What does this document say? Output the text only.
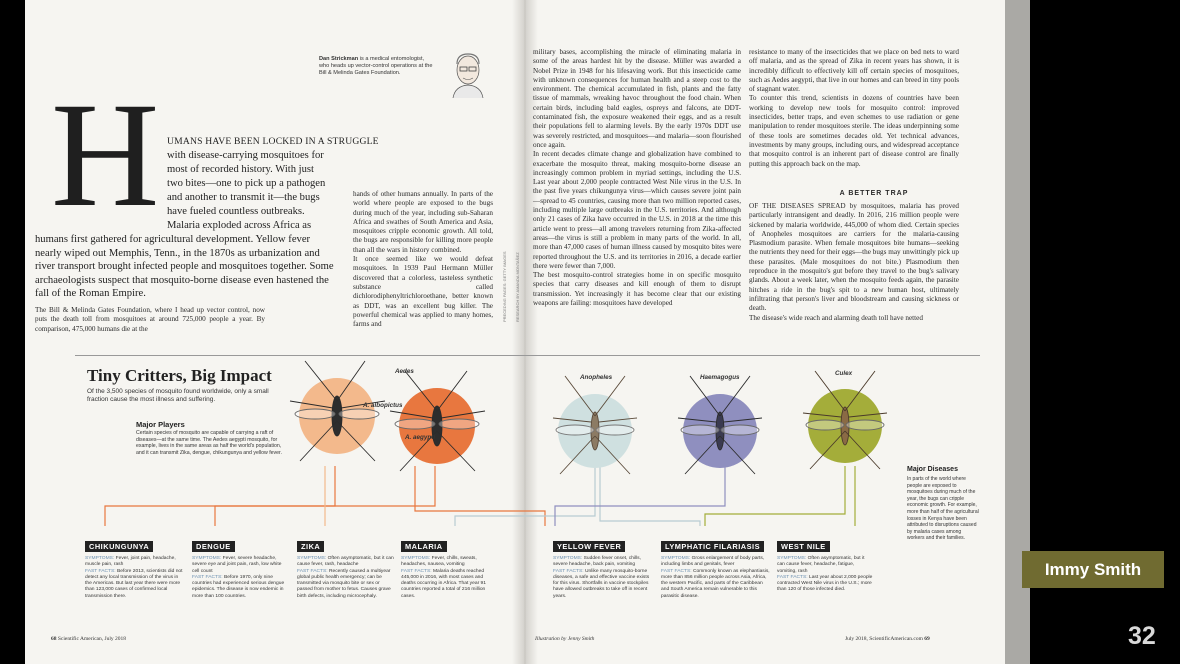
Dan Strickman is a medical entomologist, who heads up vector-control operations at the Bill & Melinda Gates Foundation.
H UMANS HAVE BEEN LOCKED IN A STRUGGLE
with disease-carrying mosquitoes for
most of recorded history. With just
two bites—one to pick up a pathogen
and another to transmit it—the bugs
have fueled countless outbreaks.
Malaria exploded across Africa as
humans first gathered for agricultural development. Yellow fever nearly wiped out Memphis, Tenn., in the 1870s as urbanization and river transport brought infected people and mosquitoes together. Some archaeologists suspect that mosquito-borne disease even hastened the fall of the Roman Empire.
The Bill & Melinda Gates Foundation, where I head up vector control, now puts the death toll from mosquitoes at around 725,000 people a year. By comparison, 475,000 humans die at the
hands of other humans annually. In parts of the world where people are exposed to the bugs during much of the year, including sub-Saharan Africa and swathes of South America and Asia, mosquitoes cripple economic growth. All told, the bugs are responsible for killing more people than all the wars in history combined.
It once seemed like we would defeat mosquitoes. In 1939 Paul Hermann Müller discovered that a colorless, tasteless synthetic substance called dichlorodiphenyltrichloroethane, better known as DDT, was an excellent bug killer. The powerful chemical was applied to many homes, farms and
military bases, accomplishing the miracle of eliminating malaria in some of the areas hardest hit by the disease. Müller was awarded a Nobel Prize in 1948 for his lifesaving work. But this insecticide came with unknown consequences for human health and a steep cost to the environment. The chemical accumulated in fish, plants and the fatty tissue of mammals, wreaking havoc throughout the food chain. When certain birds, including bald eagles, ospreys and falcons, ate DDT-contaminated fish, the exposure weakened their eggs, and as a result their populations fell to alarming levels. By the early 1970s DDT use was severely restricted, and mosquitoes—and malaria—soon flourished once again.
In recent decades climate change and globalization have combined to exacerbate the mosquito threat, making mosquito-borne disease an increasingly common problem in myriad settings, including the U.S. Last year about 2,000 people contracted West Nile virus in the U.S. In the past five years chikungunya virus—which causes severe joint pain—spread to 45 countries, causing more than two million reported cases, including multiple large outbreaks in the U.S. territories. And although only 21 cases of Zika have occurred in the U.S. in 2018 at the time this article went to press—all among travelers returning from Zika-affected areas—the virus is still a problem in many parts of the world. In all, more than 47,000 cases of human illness caused by mosquito bites were reported throughout the U.S. and its territories in 2016, a decade earlier there were fewer than 7,000.
The best mosquito-control strategies home in on specific mosquito species that carry diseases and kill enough of them to disrupt transmission. Yet increasingly it has become clear that our existing weapons are failing: mosquitoes have developed
resistance to many of the insecticides that we place on bed nets to ward off malaria, and as the spread of Zika in recent years has shown, it is incredibly difficult to effectively kill off certain species of mosquitoes, such as Aedes aegypti, that live in our homes and can breed in tiny pools of stagnant water.
To counter this trend, scientists in dozens of countries have been working to develop new tools for mosquito control: improved insecticides, better traps, and even schemes to use radiation or gene manipulation to render mosquitoes sterile. The ideas underpinning some of these tools are sometimes decades old. Yet technical advances, investments by many groups, including ours, and widespread acceptance that mosquito control is an inherent part of disease control are finally putting this approach back on the map.
A BETTER TRAP
OF THE DISEASES SPREAD by mosquitoes, malaria has proved particularly intransigent and deadly. In 2016, 216 million people were sickened by malaria worldwide, 445,000 of whom died. Certain species of Anopheles mosquitoes are carriers for the malaria-causing Plasmodium parasite. When female mosquitoes bite humans—seeking the nutrients they need for their eggs—the bugs may unwittingly pick up these parasites. (Male mosquitoes do not bite.) Plasmodium then reproduce in the mosquito's gut before they travel to the bug's salivary glands. About a week later, when the mosquito feeds again, the parasite hitches a ride in the bug's spit to a new human host, ultimately infiltrating that person's liver and bloodstream and causing sickness or death.
The disease's wide reach and alarming death toll have netted
PRECEDING PAGES: GETTY IMAGES RESEARCH BY AMANDA MONTAÑEZ
Tiny Critters, Big Impact
Of the 3,500 species of mosquito found worldwide, only a small fraction cause the most illness and suffering.
Major Players
Certain species of mosquito are capable of carrying a raft of diseases—at the same time. The Aedes aegypti mosquito, for example, lives in the same areas as half the world's population, and it can transmit Zika, dengue, chikungunya and yellow fever.
Major Diseases
In parts of the world where people are exposed to mosquitoes during much of the year, the bugs can cripple economic growth. For example, more than half of the agricultural losses in Kenya have been attributed to disruptions caused by malaria cases among workers and their families.
Aedes
A. albopictus
A. aegypti
Anopheles	Haemagogus
Culex
CHIKUNGUNYA
SYMPTOMS: Fever, joint pain, headache, muscle pain, rash
FAST FACTS: Before 2013, scientists did not detect any local transmission of the virus in the Americas. But last year there were more than 123,000 cases of confirmed local transmission there.
DENGUE
SYMPTOMS: Fever, severe headache, severe eye and joint pain, rash, low white cell count
FAST FACTS: Before 1970, only nine countries had experienced serious dengue epidemics. The disease is now endemic in more than 100 countries.
ZIKA
SYMPTOMS: Often asymptomatic, but it can cause fever, rash, headache
FAST FACTS: Recently caused a multiyear global public health emergency; can be transmitted via mosquito bite or sex or passed from mother to fetus. Causes grave birth defects, including microcephaly.
MALARIA
SYMPTOMS: Fever, chills, sweats, headaches, nausea, vomiting
FAST FACTS: Malaria deaths reached 445,000 in 2016, with most cases and deaths occurring in Africa. That year 91 countries reported a total of 216 million cases.
YELLOW FEVER
SYMPTOMS: Sudden fever onset, chills, severe headache, back pain, vomiting
FAST FACTS: Unlike many mosquito-borne diseases, a safe and effective vaccine exists for this virus. Shortfalls in vaccine stockpiles have allowed outbreaks to take off in recent years.
LYMPHATIC FILARIASIS
SYMPTOMS: Gross enlargement of body parts, including limbs and genitals, fever
FAST FACTS: Commonly known as elephantiasis, more than 856 million people across Asia, Africa, the western Pacific, and parts of the Caribbean and South America remain vulnerable to this parasitic disease.
WEST NILE
SYMPTOMS: Often asymptomatic, but it can cause fever, headache, fatigue, vomiting, rash
FAST FACTS: Last year about 2,000 people contracted West Nile virus in the U.S.; more than 120 of those infected died.
68 Scientific American, July 2018	Illustration by Jenny Smith	July 2018, ScientificAmerican.com 69
Immy Smith
32
